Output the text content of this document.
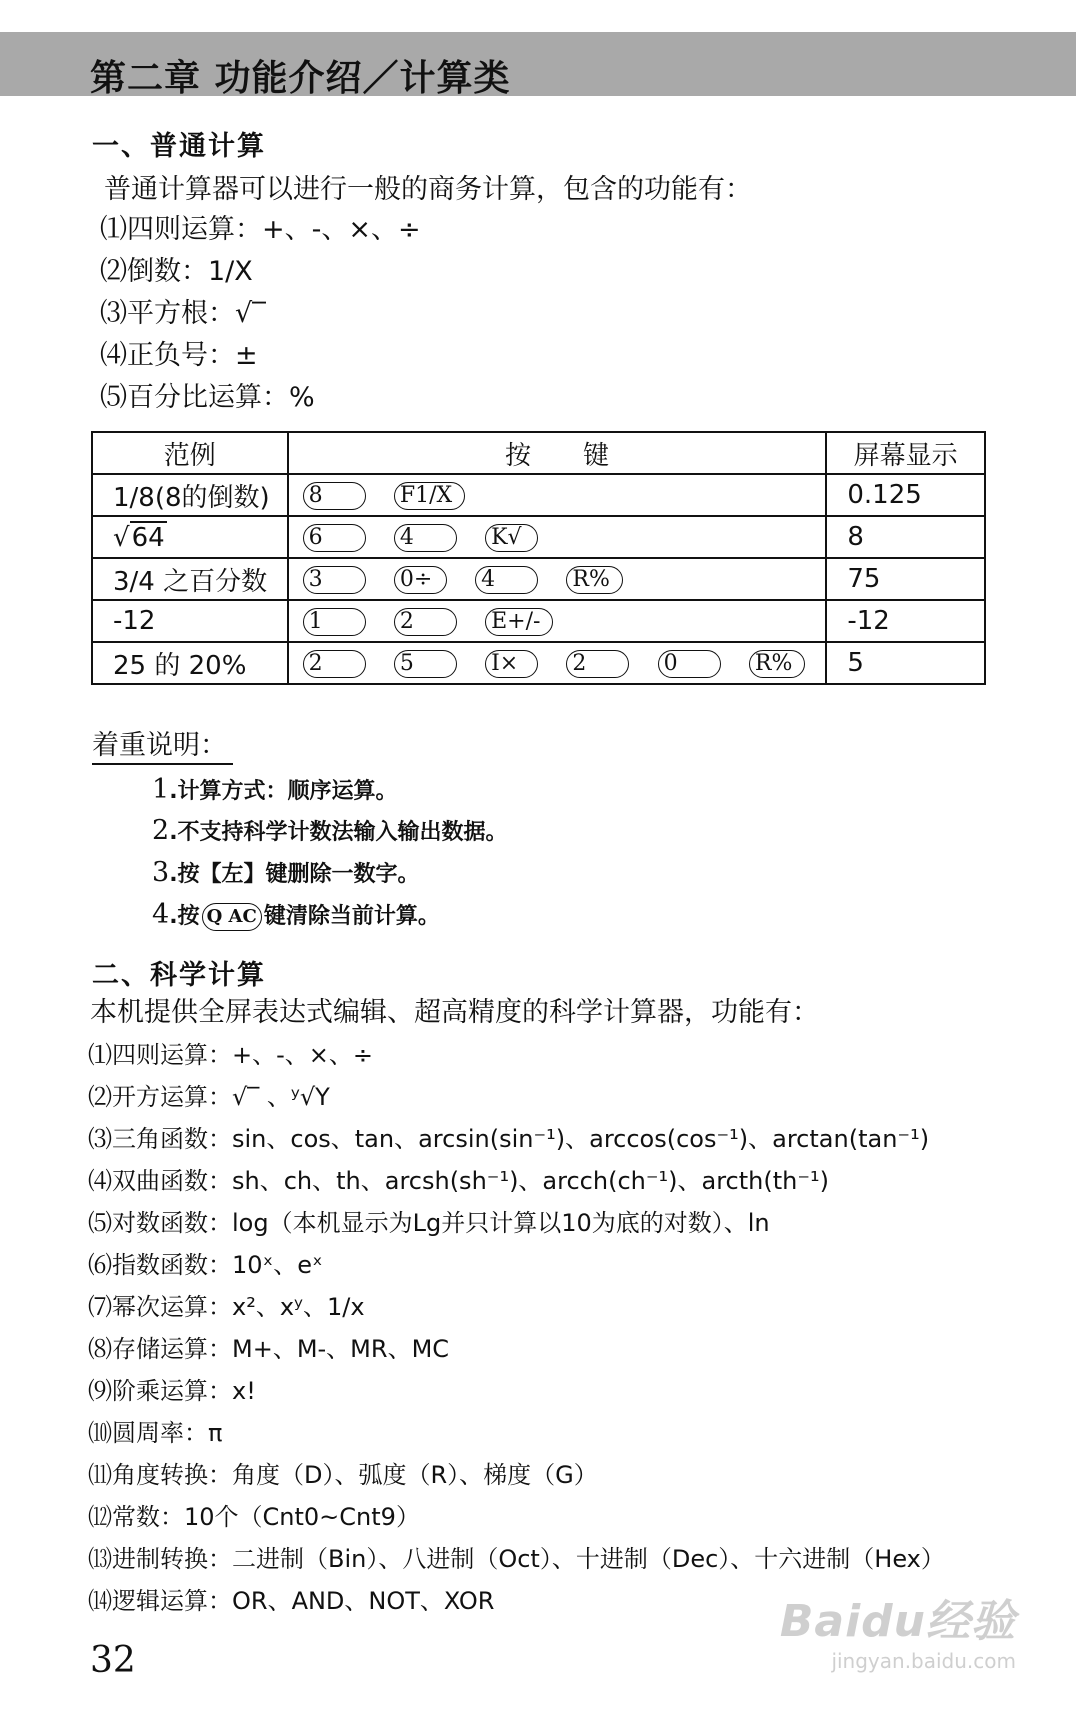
第二章 功能介绍／计算类
一、普通计算
普通计算器可以进行一般的商务计算，包含的功能有：
⑴四则运算：+、-、×、÷
⑵倒数：1/X
⑶平方根：√‾
⑷正负号：±
⑸百分比运算：%
范例	按　　键	屏幕显示
1/8(8的倒数)	8 F1/X	0.125
√64	6 4 K√	8
3/4 之百分数	3 0÷ 4 R%	75
-12	1 2 E+/-	-12
25 的 20%	2 5 I× 2 0 R%	5
着重说明：
1.计算方式：顺序运算。
2.不支持科学计数法输入输出数据。
3.按【左】键删除一数字。
4.按 Q AC 键清除当前计算。
二、科学计算
本机提供全屏表达式编辑、超高精度的科学计算器，功能有：
⑴四则运算：+、-、×、÷
⑵开方运算：√‾ 、ʸ√Y
⑶三角函数：sin、cos、tan、arcsin(sin⁻¹)、arccos(cos⁻¹)、arctan(tan⁻¹)
⑷双曲函数：sh、ch、th、arcsh(sh⁻¹)、arcch(ch⁻¹)、arcth(th⁻¹)
⑸对数函数：log（本机显示为Lg并只计算以10为底的对数）、ln
⑹指数函数：10ˣ、eˣ
⑺幂次运算：x²、xʸ、1/x
⑻存储运算：M+、M-、MR、MC
⑼阶乘运算：x!
⑽圆周率：π
⑾角度转换：角度（D）、弧度（R）、梯度（G）
⑿常数：10个（Cnt0~Cnt9）
⒀进制转换：二进制（Bin）、八进制（Oct）、十进制（Dec）、十六进制（Hex）
⒁逻辑运算：OR、AND、NOT、XOR
32
Baidu经验
jingyan.baidu.com
